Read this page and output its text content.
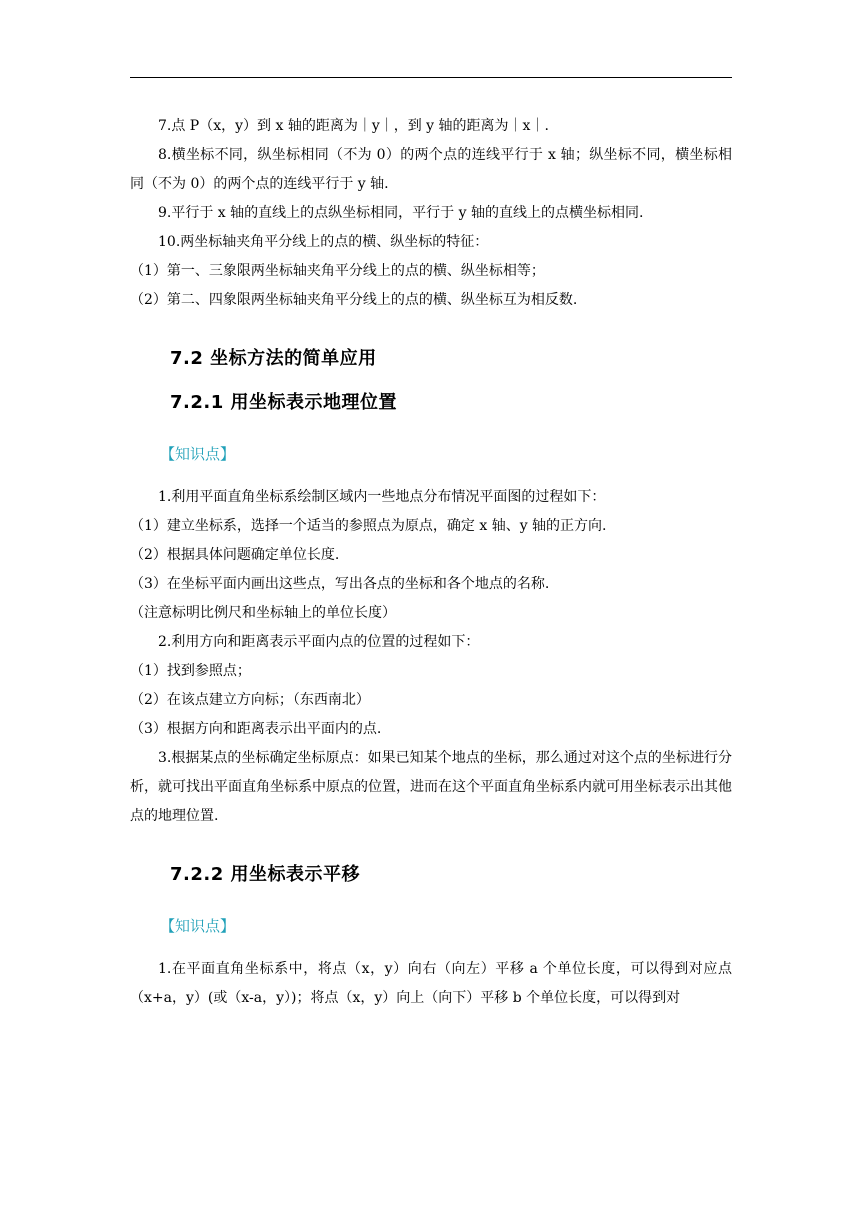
7.点 P（x，y）到 x 轴的距离为｜y｜，到 y 轴的距离为｜x｜.

8.横坐标不同，纵坐标相同（不为 0）的两个点的连线平行于 x 轴；纵坐标不同，横坐标相同（不为 0）的两个点的连线平行于 y 轴.

9.平行于 x 轴的直线上的点纵坐标相同，平行于 y 轴的直线上的点横坐标相同.

10.两坐标轴夹角平分线上的点的横、纵坐标的特征：

（1）第一、三象限两坐标轴夹角平分线上的点的横、纵坐标相等；

（2）第二、四象限两坐标轴夹角平分线上的点的横、纵坐标互为相反数.

7.2 坐标方法的简单应用
7.2.1 用坐标表示地理位置

【知识点】

1.利用平面直角坐标系绘制区域内一些地点分布情况平面图的过程如下：

（1）建立坐标系，选择一个适当的参照点为原点，确定 x 轴、y 轴的正方向.

（2）根据具体问题确定单位长度.

（3）在坐标平面内画出这些点，写出各点的坐标和各个地点的名称.

（注意标明比例尺和坐标轴上的单位长度）

2.利用方向和距离表示平面内点的位置的过程如下：

（1）找到参照点；

（2）在该点建立方向标；（东西南北）

（3）根据方向和距离表示出平面内的点.

3.根据某点的坐标确定坐标原点：如果已知某个地点的坐标，那么通过对这个点的坐标进行分析，就可找出平面直角坐标系中原点的位置，进而在这个平面直角坐标系内就可用坐标表示出其他点的地理位置.

7.2.2 用坐标表示平移

【知识点】

1.在平面直角坐标系中，将点（x，y）向右（向左）平移 a 个单位长度，可以得到对应点（x+a，y）(或（x-a，y）)；将点（x，y）向上（向下）平移 b 个单位长度，可以得到对
